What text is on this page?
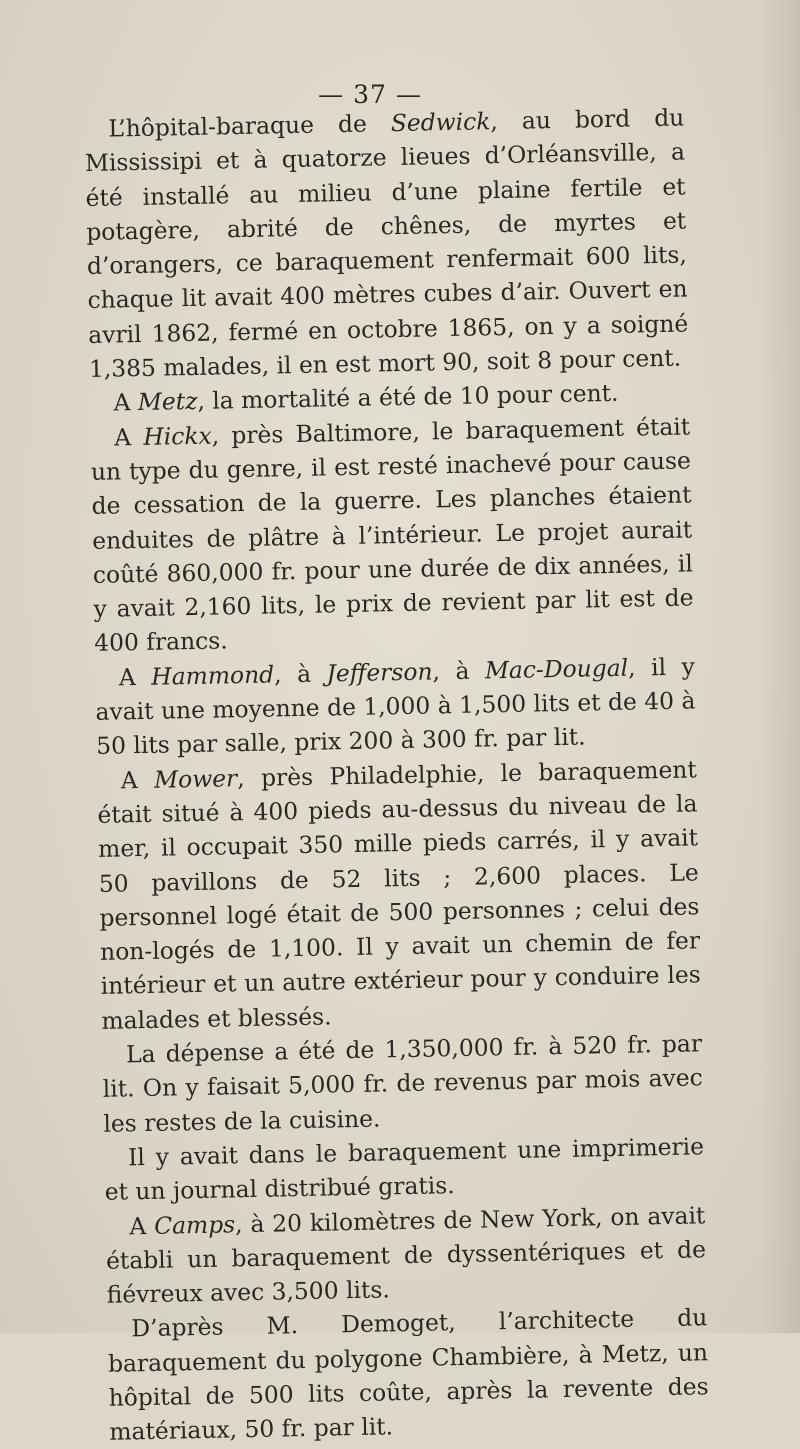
— 37 —

L’hôpital-baraque de Sedwick, au bord du Mississipi et à quatorze lieues d’Orléansville, a été installé au milieu d’une plaine fertile et potagère, abrité de chênes, de myrtes et d’orangers, ce baraquement renfermait 600 lits, chaque lit avait 400 mètres cubes d’air. Ouvert en avril 1862, fermé en octobre 1865, on y a soigné 1,385 malades, il en est mort 90, soit 8 pour cent.

A Metz, la mortalité a été de 10 pour cent.

A Hickx, près Baltimore, le baraquement était un type du genre, il est resté inachevé pour cause de cessation de la guerre. Les planches étaient enduites de plâtre à l’intérieur. Le projet aurait coûté 860,000 fr. pour une durée de dix années, il y avait 2,160 lits, le prix de revient par lit est de 400 francs.

A Hammond, à Jefferson, à Mac-Dougal, il y avait une moyenne de 1,000 à 1,500 lits et de 40 à 50 lits par salle, prix 200 à 300 fr. par lit.

A Mower, près Philadelphie, le baraquement était situé à 400 pieds au-dessus du niveau de la mer, il occupait 350 mille pieds carrés, il y avait 50 pavillons de 52 lits ; 2,600 places. Le personnel logé était de 500 personnes ; celui des non-logés de 1,100. Il y avait un chemin de fer intérieur et un autre extérieur pour y conduire les malades et blessés.

La dépense a été de 1,350,000 fr. à 520 fr. par lit. On y faisait 5,000 fr. de revenus par mois avec les restes de la cuisine.

Il y avait dans le baraquement une imprimerie et un journal distribué gratis.

A Camps, à 20 kilomètres de New York, on avait établi un baraquement de dyssentériques et de fiévreux avec 3,500 lits.

D’après M. Demoget, l’architecte du baraquement du polygone Chambière, à Metz, un hôpital de 500 lits coûte, après la revente des matériaux, 50 fr. par lit.
